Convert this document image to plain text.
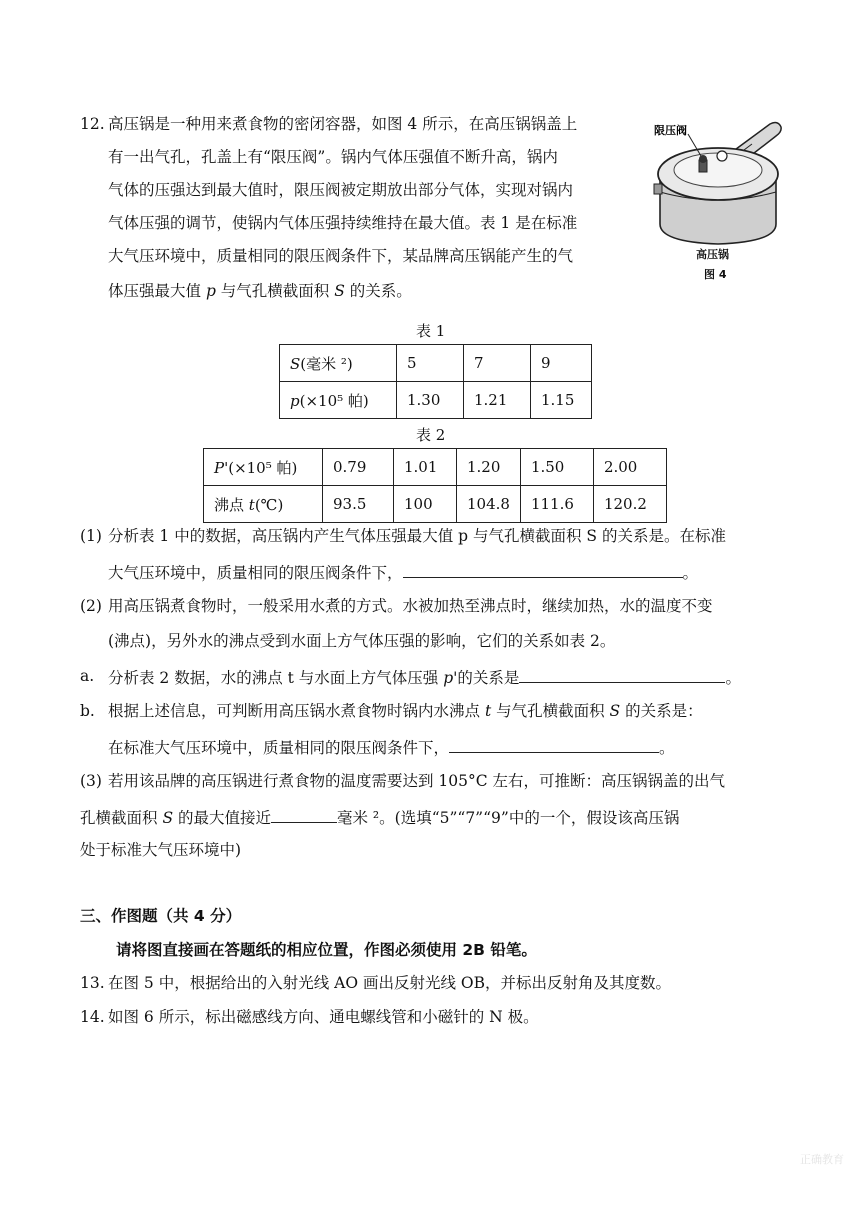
12. 高压锅是一种用来煮食物的密闭容器，如图 4 所示，在高压锅锅盖上
有一出气孔，孔盖上有“限压阀”。锅内气体压强值不断升高，锅内
气体的压强达到最大值时，限压阀被定期放出部分气体，实现对锅内
气体压强的调节，使锅内气体压强持续维持在最大值。表 1 是在标准
大气压环境中，质量相同的限压阀条件下，某品牌高压锅能产生的气
体压强最大值 p 与气孔横截面积 S 的关系。
限压阀
高压锅
图 4
表 1
S(毫米 ²)	5	7	9
p(×10⁵ 帕)	1.30	1.21	1.15
表 2
P'(×10⁵ 帕)	0.79	1.01	1.20	1.50	2.00
沸点 t(℃)	93.5	100	104.8	111.6	120.2
(1) 分析表 1 中的数据，高压锅内产生气体压强最大值 p 与气孔横截面积 S 的关系是。在标准
大气压环境中，质量相同的限压阀条件下，	。
(2) 用高压锅煮食物时，一般采用水煮的方式。水被加热至沸点时，继续加热，水的温度不变
(沸点)，另外水的沸点受到水面上方气体压强的影响，它们的关系如表 2。
a. 分析表 2 数据，水的沸点 t 与水面上方气体压强 p'的关系是	。
b. 根据上述信息，可判断用高压锅水煮食物时锅内水沸点 t 与气孔横截面积 S 的关系是：
在标准大气压环境中，质量相同的限压阀条件下，	。
(3) 若用该品牌的高压锅进行煮食物的温度需要达到 105°C 左右，可推断：高压锅锅盖的出气
孔横截面积 S 的最大值接近	毫米 ²。(选填“5”“7”“9”中的一个，假设该高压锅
处于标准大气压环境中)
三、作图题（共 4 分）
请将图直接画在答题纸的相应位置，作图必须使用 2B 铅笔。
13. 在图 5 中，根据给出的入射光线 AO 画出反射光线 OB，并标出反射角及其度数。
14. 如图 6 所示，标出磁感线方向、通电螺线管和小磁针的 N 极。
正确教育
